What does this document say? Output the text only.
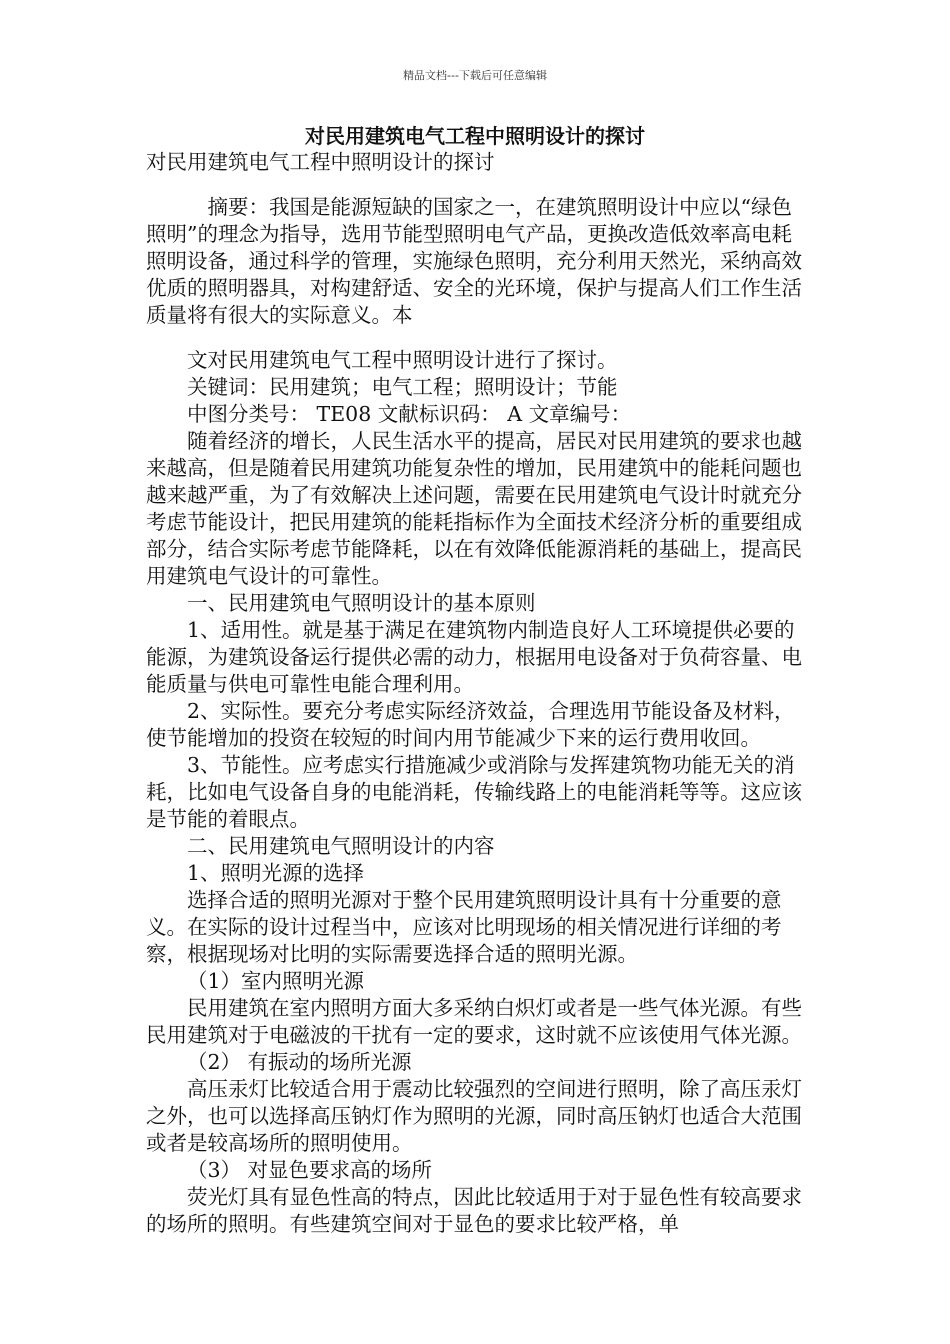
精品文档---下载后可任意编辑
对民用建筑电气工程中照明设计的探讨

对民用建筑电气工程中照明设计的探讨

摘要：我国是能源短缺的国家之一，在建筑照明设计中应以“绿色照明”的理念为指导，选用节能型照明电气产品，更换改造低效率高电耗照明设备，通过科学的管理，实施绿色照明，充分利用天然光，采纳高效优质的照明器具，对构建舒适、安全的光环境，保护与提高人们工作生活质量将有很大的实际意义。本

文对民用建筑电气工程中照明设计进行了探讨。

关键词：民用建筑；电气工程；照明设计；节能

中图分类号： TE08 文献标识码： A 文章编号：

随着经济的增长，人民生活水平的提高，居民对民用建筑的要求也越来越高，但是随着民用建筑功能复杂性的增加，民用建筑中的能耗问题也越来越严重，为了有效解决上述问题，需要在民用建筑电气设计时就充分考虑节能设计，把民用建筑的能耗指标作为全面技术经济分析的重要组成部分，结合实际考虑节能降耗，以在有效降低能源消耗的基础上，提高民用建筑电气设计的可靠性。

一、民用建筑电气照明设计的基本原则

1、适用性。就是基于满足在建筑物内制造良好人工环境提供必要的能源，为建筑设备运行提供必需的动力，根据用电设备对于负荷容量、电能质量与供电可靠性电能合理利用。

2、实际性。要充分考虑实际经济效益，合理选用节能设备及材料，使节能增加的投资在较短的时间内用节能减少下来的运行费用收回。

3、节能性。应考虑实行措施减少或消除与发挥建筑物功能无关的消耗，比如电气设备自身的电能消耗，传输线路上的电能消耗等等。这应该是节能的着眼点。

二、民用建筑电气照明设计的内容

1、照明光源的选择

选择合适的照明光源对于整个民用建筑照明设计具有十分重要的意义。在实际的设计过程当中，应该对比明现场的相关情况进行详细的考察，根据现场对比明的实际需要选择合适的照明光源。

（1）室内照明光源

民用建筑在室内照明方面大多采纳白炽灯或者是一些气体光源。有些民用建筑对于电磁波的干扰有一定的要求，这时就不应该使用气体光源。

（2） 有振动的场所光源

高压汞灯比较适合用于震动比较强烈的空间进行照明，除了高压汞灯之外，也可以选择高压钠灯作为照明的光源，同时高压钠灯也适合大范围或者是较高场所的照明使用。

（3） 对显色要求高的场所

荧光灯具有显色性高的特点，因此比较适用于对于显色性有较高要求的场所的照明。有些建筑空间对于显色的要求比较严格，单
